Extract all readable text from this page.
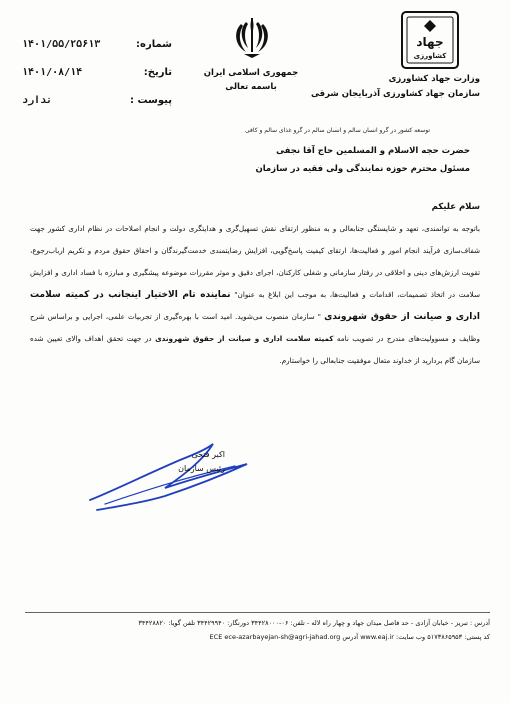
شماره:
۱۴۰۱/۵۵/۲۵۶۱۳
تاریخ:
۱۴۰۱/۰۸/۱۴
پیوست :
ندارد
جمهوری اسلامی ایران
باسمه تعالی
جهاد
کشاورزی
وزارت جهاد کشاورزی
سازمان جهاد کشاورزی آذربایجان شرقی
توسعه کشور در گرو انسان سالم و انسان سالم در گرو غذای سالم و کافی
حضرت حجه الاسلام و المسلمین حاج آقا نجفی
مسئول محترم حوزه نمایندگی ولی فقیه در سازمان
سلام علیکم

باتوجه به توانمندی، تعهد و شایستگی جنابعالی و به منظور ارتقای نقش تسهیل‌گری و هدایتگری دولت و انجام اصلاحات در نظام اداری کشور جهت شفاف‌سازی فرآیند انجام امور و فعالیت‌ها، ارتقای کیفیت پاسخ‌گویی، افزایش رضایتمندی خدمت‌گیرندگان و احقاق حقوق مردم و تکریم ارباب‌رجوع، تقویت ارزش‌های دینی و اخلاقی در رفتار سازمانی و شغلی کارکنان، اجرای دقیق و موثر مقررات موضوعه پیشگیری و مبارزه با فساد اداری و افزایش سلامت در اتخاذ تصمیمات، اقدامات و فعالیت‌ها، به موجب این ابلاغ به عنوان" نماینده تام الاختیار اینجانب در کمیته سلامت اداری و صیانت از حقوق شهروندی " سازمان منصوب می‌شوید. امید است با بهره‌گیری از تجربیات علمی، اجرایی و براساس شرح وظایف و مسوولیت‌های مندرج در تصویب نامه کمیته سلامت اداری و صیانت از حقوق شهروندی در جهت تحقق اهداف والای تعیین شده سازمان گام بردارید از خداوند متعال موفقیت جنابعالی را خواستارم.

اکبر فتحی
رئیس سازمان
آدرس : تبریز - خیابان آزادی - حد فاصل میدان جهاد و چهار راه لاله - تلفن: ۰۶-۳۴۴۲۸۰۰۰ دورنگار: ۳۴۴۲۹۹۴۰ تلفن گویا: ۳۴۴۲۸۸۲۰
کد پستی: ۵۱۷۳۸۶۵۹۵۳ وب سایت: www.eaj.ir آدرس ECE ece-azarbayejan-sh@agri-jahad.org
